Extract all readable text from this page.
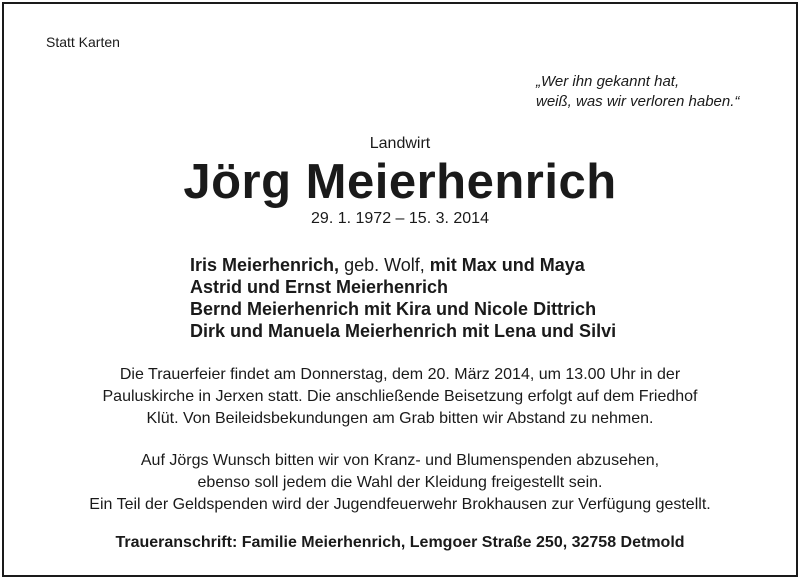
Statt Karten
„Wer ihn gekannt hat,
weiß, was wir verloren haben.“
Landwirt
Jörg Meierhenrich
29. 1. 1972 – 15. 3. 2014
Iris Meierhenrich, geb. Wolf, mit Max und Maya
Astrid und Ernst Meierhenrich
Bernd Meierhenrich mit Kira und Nicole Dittrich
Dirk und Manuela Meierhenrich mit Lena und Silvi
Die Trauerfeier findet am Donnerstag, dem 20. März 2014, um 13.00 Uhr in der
Pauluskirche in Jerxen statt. Die anschließende Beisetzung erfolgt auf dem Friedhof
Klüt. Von Beileidsbekundungen am Grab bitten wir Abstand zu nehmen.
Auf Jörgs Wunsch bitten wir von Kranz- und Blumenspenden abzusehen,
ebenso soll jedem die Wahl der Kleidung freigestellt sein.
Ein Teil der Geldspenden wird der Jugendfeuerwehr Brokhausen zur Verfügung gestellt.
Traueranschrift: Familie Meierhenrich, Lemgoer Straße 250, 32758 Detmold
